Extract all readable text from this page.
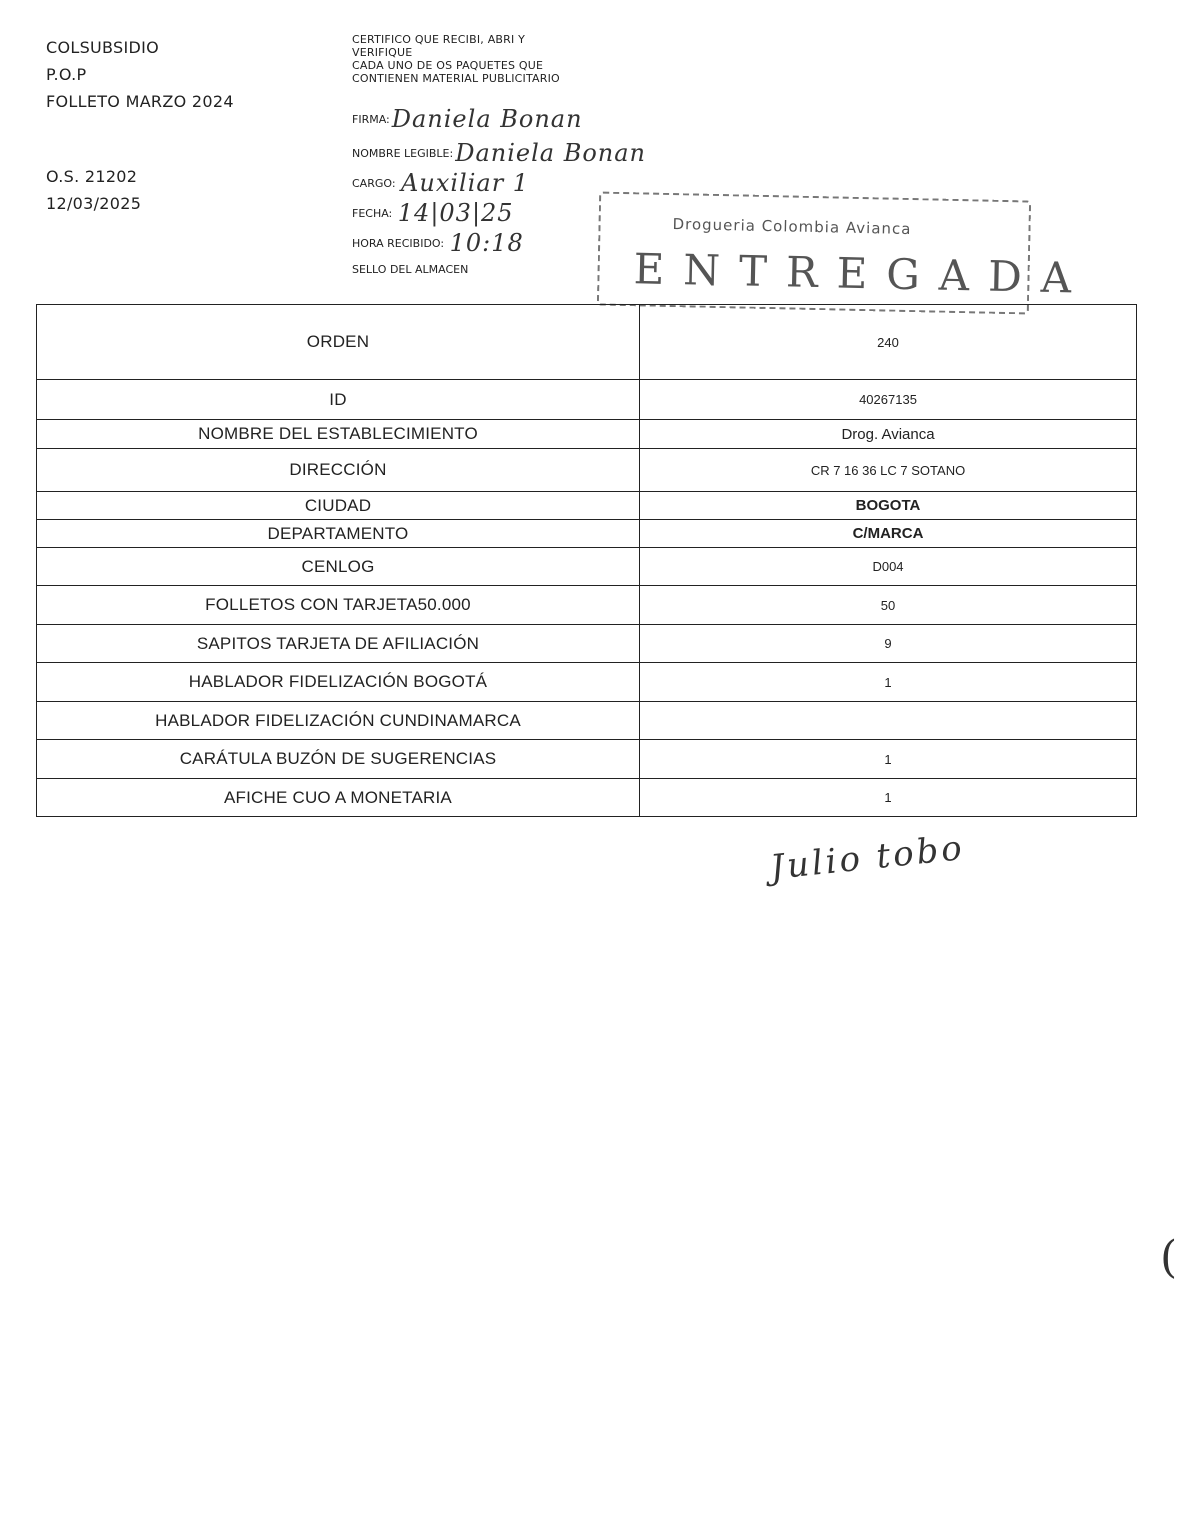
COLSUBSIDIO
P.O.P
FOLLETO MARZO 2024
O.S. 21202
12/03/2025
CERTIFICO QUE RECIBI, ABRI Y
VERIFIQUE
CADA UNO DE OS PAQUETES QUE
CONTIENEN MATERIAL PUBLICITARIO
FIRMA:Daniela Bonan
NOMBRE LEGIBLE:Daniela Bonan
CARGO: Auxiliar 1
FECHA: 14|03|25
HORA RECIBIDO: 10:18
SELLO DEL ALMACEN
Drogueria Colombia Avianca
ENTREGADA
ORDEN	240
ID	40267135
NOMBRE DEL ESTABLECIMIENTO	Drog. Avianca
DIRECCIÓN	CR 7 16 36 LC 7 SOTANO
CIUDAD	BOGOTA
DEPARTAMENTO	C/MARCA
CENLOG	D004
FOLLETOS CON TARJETA50.000	50
SAPITOS TARJETA DE AFILIACIÓN	9
HABLADOR FIDELIZACIÓN BOGOTÁ	1
HABLADOR FIDELIZACIÓN CUNDINAMARCA	
CARÁTULA BUZÓN DE SUGERENCIAS	1
AFICHE CUO A MONETARIA	1
Julio tobo
(
